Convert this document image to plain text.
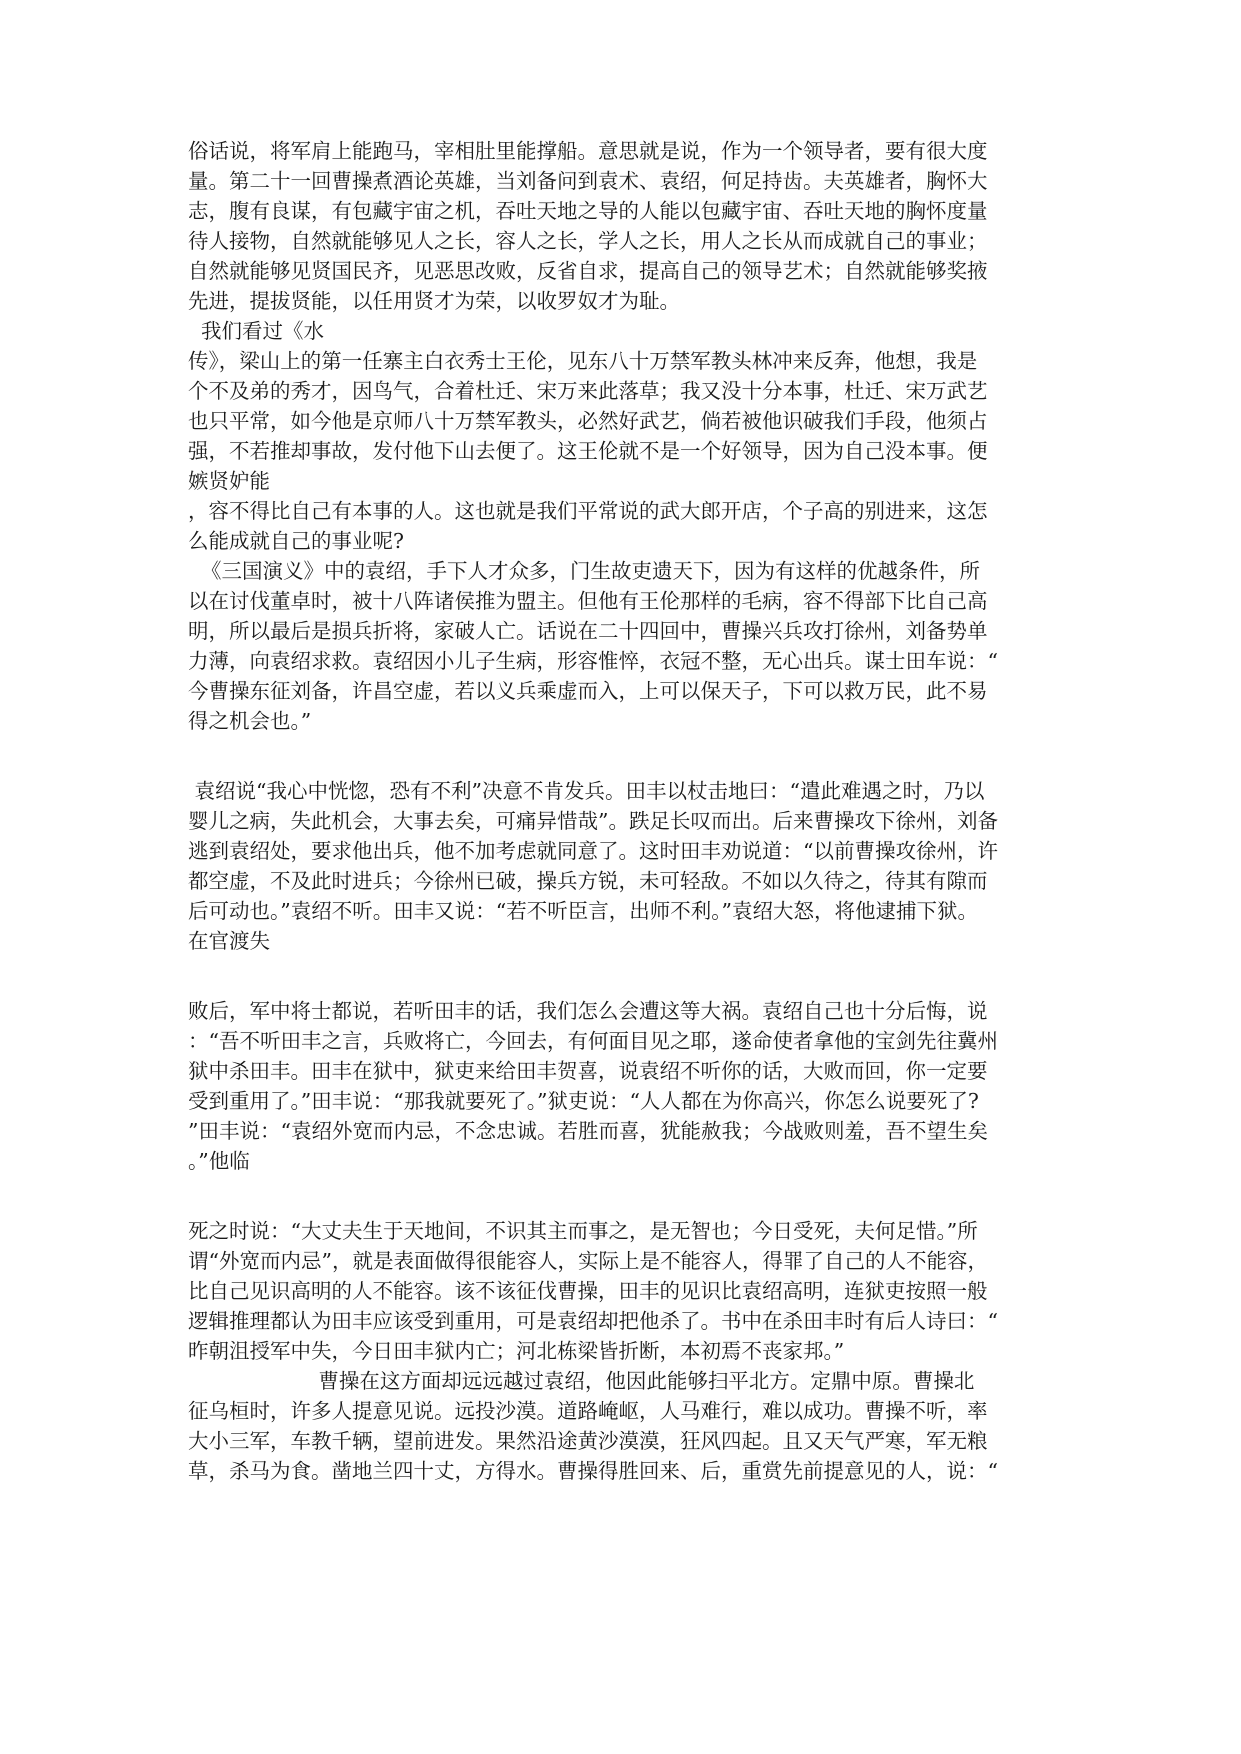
俗话说，将军肩上能跑马，宰相肚里能撑船。意思就是说，作为一个领导者，要有很大度

量。第二十一回曹操煮酒论英雄，当刘备问到袁术、袁绍，何足持齿。夫英雄者，胸怀大

志，腹有良谋，有包藏宇宙之机，吞吐天地之导的人能以包藏宇宙、吞吐天地的胸怀度量

待人接物，自然就能够见人之长，容人之长，学人之长，用人之长从而成就自己的事业；

自然就能够见贤国民齐，见恶思改败，反省自求，提高自己的领导艺术；自然就能够奖掖

先进，提拔贤能，以任用贤才为荣，以收罗奴才为耻。

我们看过《水

传》，梁山上的第一任寨主白衣秀士王伦，见东八十万禁军教头林冲来反奔，他想，我是

个不及弟的秀才，因鸟气，合着杜迁、宋万来此落草；我又没十分本事，杜迁、宋万武艺

也只平常，如今他是京师八十万禁军教头，必然好武艺，倘若被他识破我们手段，他须占

强，不若推却事故，发付他下山去便了。这王伦就不是一个好领导，因为自己没本事。便

嫉贤妒能

，容不得比自己有本事的人。这也就是我们平常说的武大郎开店，个子高的别进来，这怎

么能成就自己的事业呢?

《三国演义》中的袁绍，手下人才众多，门生故吏遗天下，因为有这样的优越条件，所

以在讨伐董卓时，被十八阵诸侯推为盟主。但他有王伦那样的毛病，容不得部下比自己高

明，所以最后是损兵折将，家破人亡。话说在二十四回中，曹操兴兵攻打徐州，刘备势单

力薄，向袁绍求救。袁绍因小儿子生病，形容惟悴，衣冠不整，无心出兵。谋士田车说：“

今曹操东征刘备，许昌空虚，若以义兵乘虚而入，上可以保天子，下可以救万民，此不易

得之机会也。”

袁绍说“我心中恍惚，恐有不利”决意不肯发兵。田丰以杖击地曰：“遣此难遇之时，乃以

婴儿之病，失此机会，大事去矣，可痛异惜哉”。跌足长叹而出。后来曹操攻下徐州，刘备

逃到袁绍处，要求他出兵，他不加考虑就同意了。这时田丰劝说道：“以前曹操攻徐州，许

都空虚，不及此时进兵；今徐州已破，操兵方锐，未可轻敌。不如以久待之，待其有隙而

后可动也。”袁绍不听。田丰又说：“若不听臣言，出师不利。”袁绍大怒，将他逮捕下狱。

在官渡失

败后，军中将士都说，若听田丰的话，我们怎么会遭这等大祸。袁绍自己也十分后悔，说

：“吾不听田丰之言，兵败将亡，今回去，有何面目见之耶，遂命使者拿他的宝剑先往冀州

狱中杀田丰。田丰在狱中，狱吏来给田丰贺喜，说袁绍不听你的话，大败而回，你一定要

受到重用了。”田丰说：“那我就要死了。”狱吏说：“人人都在为你高兴，你怎么说要死了?

”田丰说：“袁绍外宽而内忌，不念忠诚。若胜而喜，犹能赦我；今战败则羞，吾不望生矣

。”他临

死之时说：“大丈夫生于天地间，不识其主而事之，是无智也；今日受死，夫何足惜。”所

谓“外宽而内忌”，就是表面做得很能容人，实际上是不能容人，得罪了自己的人不能容，

比自己见识高明的人不能容。该不该征伐曹操，田丰的见识比袁绍高明，连狱吏按照一般

逻辑推理都认为田丰应该受到重用，可是袁绍却把他杀了。书中在杀田丰时有后人诗曰：“

昨朝沮授军中失，今日田丰狱内亡；河北栋梁皆折断，本初焉不丧家邦。”

曹操在这方面却远远越过袁绍，他因此能够扫平北方。定鼎中原。曹操北

征乌桓时，许多人提意见说。远投沙漠。道路崦岖，人马难行，难以成功。曹操不听，率

大小三军，车教千辆，望前进发。果然沿途黄沙漠漠，狂风四起。且又天气严寒，军无粮

草，杀马为食。凿地兰四十丈，方得水。曹操得胜回来、后，重赏先前提意见的人，说：“
